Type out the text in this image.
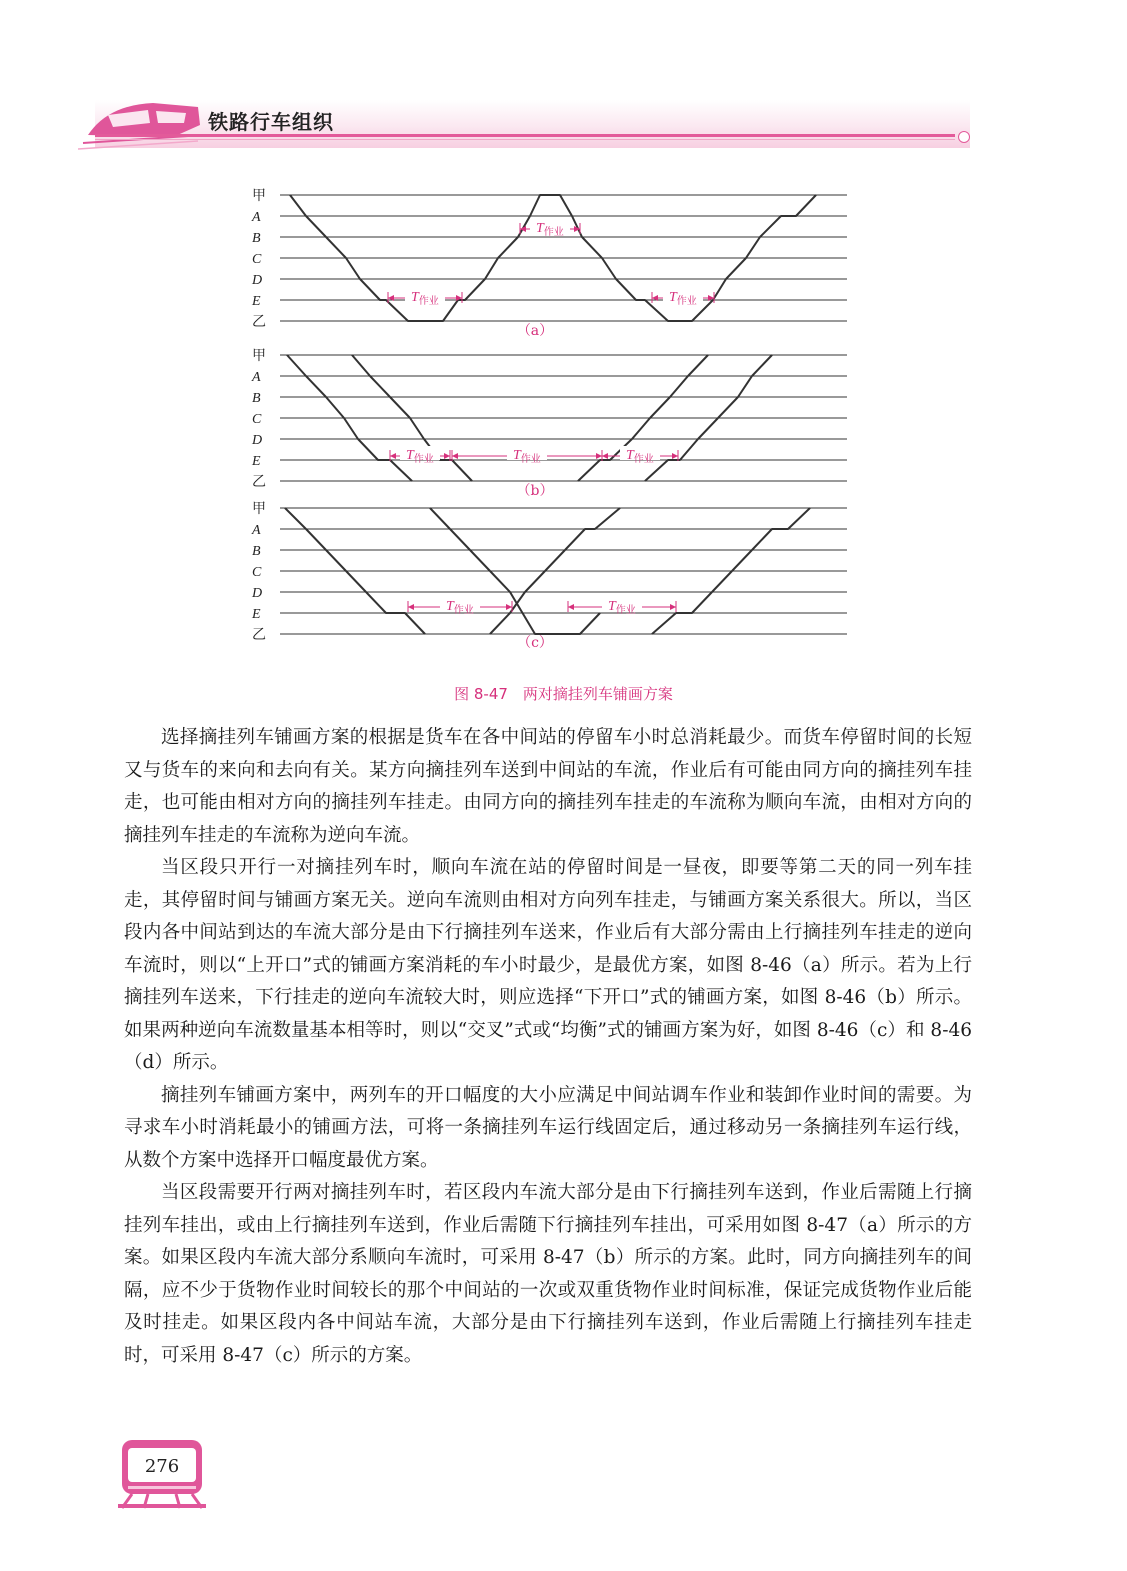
铁路行车组织
甲
A
B
C
D
E
乙
（a）
甲
A
B
C
D
E
乙
（b）
甲
A
B
C
D
E
乙	（c）
$T_{作业}$
$T_{作业}$
$T_{作业}$
$T_{作业}$	$T_{作业}$	$T_{作业}$
$T_{作业}$	$T_{作业}$
图 8-47　两对摘挂列车铺画方案

选择摘挂列车铺画方案的根据是货车在各中间站的停留车小时总消耗最少。而货车停留时间的长短又与货车的来向和去向有关。某方向摘挂列车送到中间站的车流，作业后有可能由同方向的摘挂列车挂走，也可能由相对方向的摘挂列车挂走。由同方向的摘挂列车挂走的车流称为顺向车流，由相对方向的摘挂列车挂走的车流称为逆向车流。

当区段只开行一对摘挂列车时，顺向车流在站的停留时间是一昼夜，即要等第二天的同一列车挂走，其停留时间与铺画方案无关。逆向车流则由相对方向列车挂走，与铺画方案关系很大。所以，当区段内各中间站到达的车流大部分是由下行摘挂列车送来，作业后有大部分需由上行摘挂列车挂走的逆向车流时，则以“上开口”式的铺画方案消耗的车小时最少，是最优方案，如图 8-46（a）所示。若为上行摘挂列车送来，下行挂走的逆向车流较大时，则应选择“下开口”式的铺画方案，如图 8-46（b）所示。如果两种逆向车流数量基本相等时，则以“交叉”式或“均衡”式的铺画方案为好，如图 8-46（c）和 8-46（d）所示。

摘挂列车铺画方案中，两列车的开口幅度的大小应满足中间站调车作业和装卸作业时间的需要。为寻求车小时消耗最小的铺画方法，可将一条摘挂列车运行线固定后，通过移动另一条摘挂列车运行线，从数个方案中选择开口幅度最优方案。

当区段需要开行两对摘挂列车时，若区段内车流大部分是由下行摘挂列车送到，作业后需随上行摘挂列车挂出，或由上行摘挂列车送到，作业后需随下行摘挂列车挂出，可采用如图 8-47（a）所示的方案。如果区段内车流大部分系顺向车流时，可采用 8-47（b）所示的方案。此时，同方向摘挂列车的间隔，应不少于货物作业时间较长的那个中间站的一次或双重货物作业时间标准，保证完成货物作业后能及时挂走。如果区段内各中间站车流，大部分是由下行摘挂列车送到，作业后需随上行摘挂列车挂走时，可采用 8-47（c）所示的方案。

276
